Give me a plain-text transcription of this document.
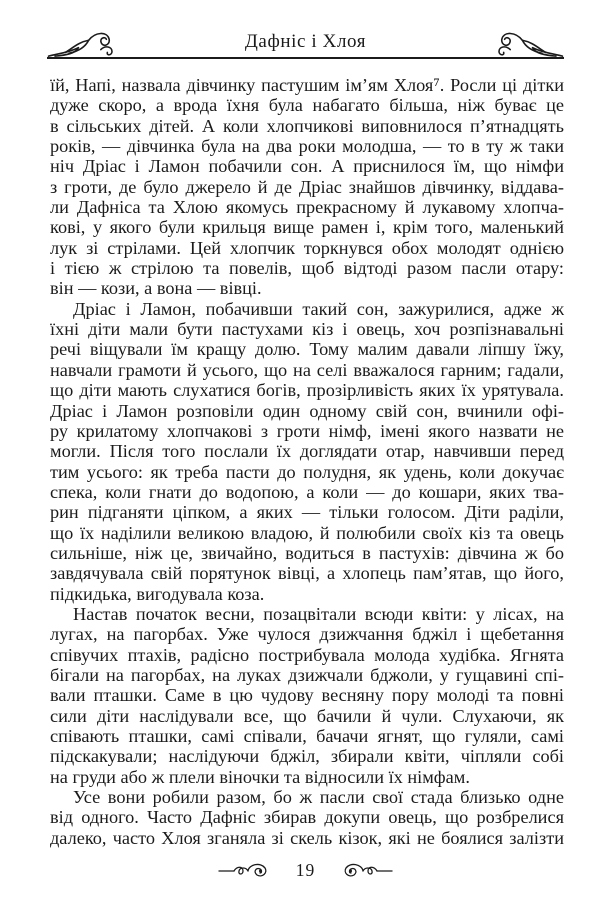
Дафніс і Хлоя
їй, Напі, назвала дівчинку пастушим ім’ям Хлоя⁷. Росли ці дітки
дуже скоро, а врода їхня була набагато більша, ніж буває це
в сільських дітей. А коли хлопчикові виповнилося п’ятнадцять
років, — дівчинка була на два роки молодша, — то в ту ж таки
ніч Дріас і Ламон побачили сон. А приснилося їм, що німфи
з гроти, де було джерело й де Дріас знайшов дівчинку, віддава-
ли Дафніса та Хлою якомусь прекрасному й лукавому хлопча-
кові, у якого були крильця вище рамен і, крім того, маленький
лук зі стрілами. Цей хлопчик торкнувся обох молодят однією
і тією ж стрілою та повелів, щоб відтоді разом пасли отару:
він — кози, а вона — вівці.
Дріас і Ламон, побачивши такий сон, зажурилися, адже ж
їхні діти мали бути пастухами кіз і овець, хоч розпізнавальні
речі віщували їм кращу долю. Тому малим давали ліпшу їжу,
навчали грамоти й усього, що на селі вважалося гарним; гадали,
що діти мають слухатися богів, прозірливість яких їх урятувала.
Дріас і Ламон розповіли один одному свій сон, вчинили офі-
ру крилатому хлопчакові з гроти німф, імені якого назвати не
могли. Після того послали їх доглядати отар, навчивши перед
тим усього: як треба пасти до полудня, як удень, коли докучає
спека, коли гнати до водопою, а коли — до кошари, яких тва-
рин підганяти ціпком, а яких — тільки голосом. Діти раділи,
що їх наділили великою владою, й полюбили своїх кіз та овець
сильніше, ніж це, звичайно, водиться в пастухів: дівчина ж бо
завдячувала свій порятунок вівці, а хлопець пам’ятав, що його,
підкидька, вигодувала коза.
Настав початок весни, позацвітали всюди квіти: у лісах, на
лугах, на пагорбах. Уже чулося дзижчання бджіл і щебетання
співучих птахів, радісно пострибувала молода худібка. Ягнята
бігали на пагорбах, на луках дзижчали бджоли, у гущавині спі-
вали пташки. Саме в цю чудову весняну пору молоді та повні
сили діти наслідували все, що бачили й чули. Слухаючи, як
співають пташки, самі співали, бачачи ягнят, що гуляли, самі
підскакували; наслідуючи бджіл, збирали квіти, чіпляли собі
на груди або ж плели віночки та відносили їх німфам.
Усе вони робили разом, бо ж пасли свої стада близько одне
від одного. Часто Дафніс збирав докупи овець, що розбрелися
далеко, часто Хлоя зганяла зі скель кізок, які не боялися залізти
19
